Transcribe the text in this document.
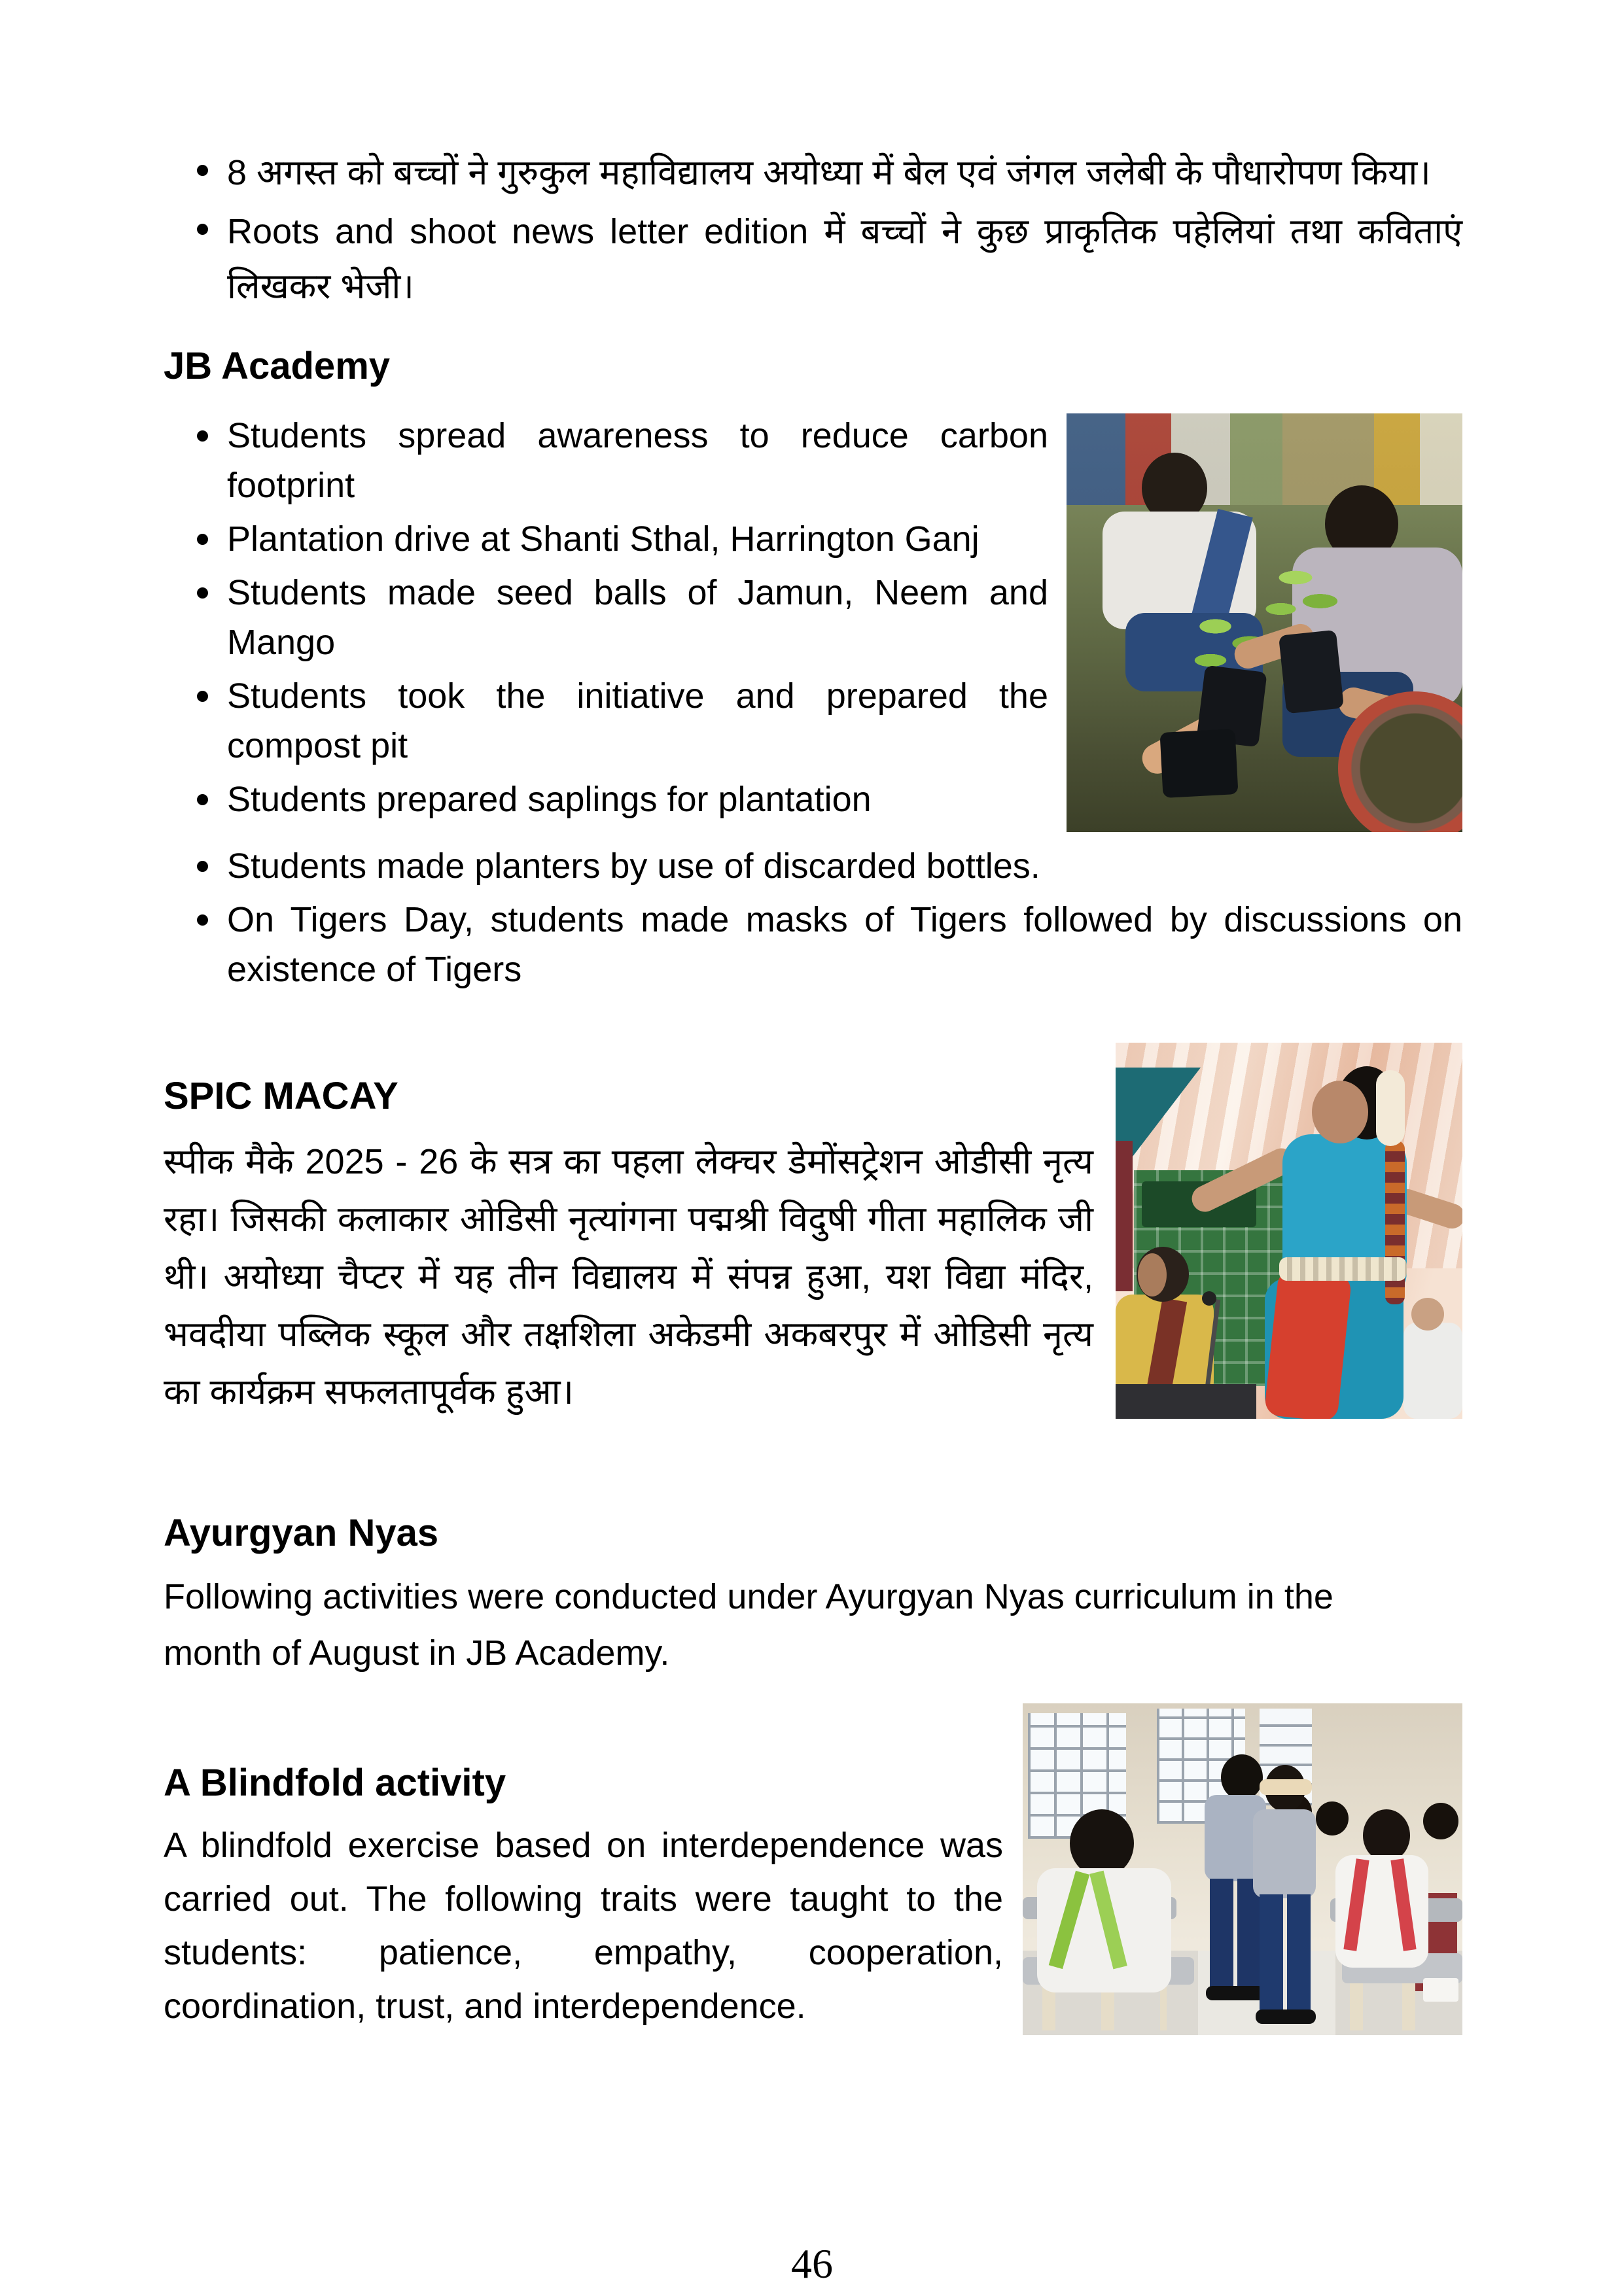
8 अगस्त को बच्चों ने गुरुकुल महाविद्यालय अयोध्या में बेल एवं जंगल जलेबी के पौधारोपण किया।
Roots and shoot news letter edition में बच्चों ने कुछ प्राकृतिक पहेलियां तथा कविताएं लिखकर भेजी।
JB Academy
Students spread awareness to reduce carbon footprint
Plantation drive at Shanti Sthal, Harrington Ganj
Students made seed balls of Jamun, Neem and Mango
Students took the initiative and prepared the compost pit
Students prepared saplings for plantation
Students made planters by use of discarded bottles.
On Tigers Day, students made masks of Tigers followed by discussions on existence of Tigers
SPIC MACAY

स्पीक मैके 2025 - 26 के सत्र का पहला लेक्चर डेमोंसट्रेशन ओडीसी नृत्य रहा। जिसकी कलाकार ओडिसी नृत्यांगना पद्मश्री विदुषी गीता महालिक जी थी। अयोध्या चैप्टर में यह तीन विद्यालय में संपन्न हुआ, यश विद्या मंदिर, भवदीया पब्लिक स्कूल और तक्षशिला अकेडमी अकबरपुर में ओडिसी नृत्य का कार्यक्रम सफलतापूर्वक हुआ।

Ayurgyan Nyas

Following activities were conducted under Ayurgyan Nyas curriculum in the month of August in JB Academy.

A Blindfold activity

A blindfold exercise based on interdependence was carried out. The following traits were taught to the students: patience, empathy, cooperation, coordination, trust, and interdependence.

46
